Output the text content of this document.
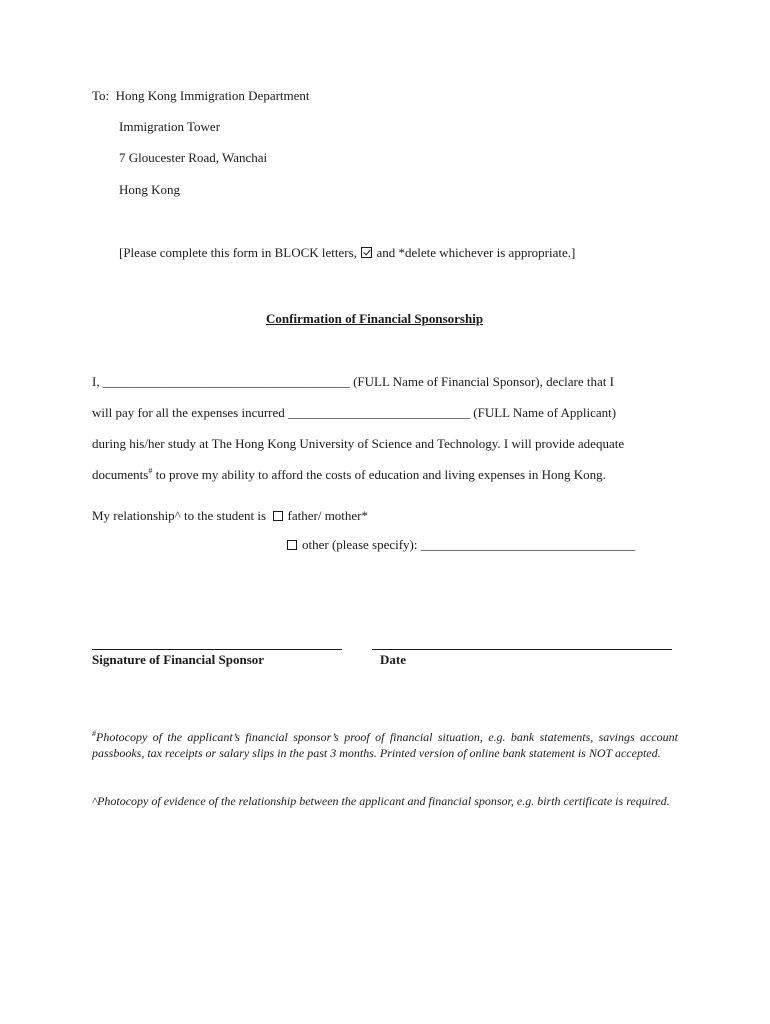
To: Hong Kong Immigration Department
Immigration Tower
7 Gloucester Road, Wanchai
Hong Kong
[Please complete this form in BLOCK letters, and *delete whichever is appropriate.]
Confirmation of Financial Sponsorship
I, ______________________________________ (FULL Name of Financial Sponsor), declare that I
will pay for all the expenses incurred ____________________________ (FULL Name of Applicant)
during his/her study at The Hong Kong University of Science and Technology. I will provide adequate
documents# to prove my ability to afford the costs of education and living expenses in Hong Kong.
My relationship^ to the student is father/ mother*
other (please specify): _________________________________
Signature of Financial Sponsor	Date
#Photocopy of the applicant’s financial sponsor’s proof of financial situation, e.g. bank statements, savings account passbooks, tax receipts or salary slips in the past 3 months. Printed version of online bank statement is NOT accepted.
^Photocopy of evidence of the relationship between the applicant and financial sponsor, e.g. birth certificate is required.
